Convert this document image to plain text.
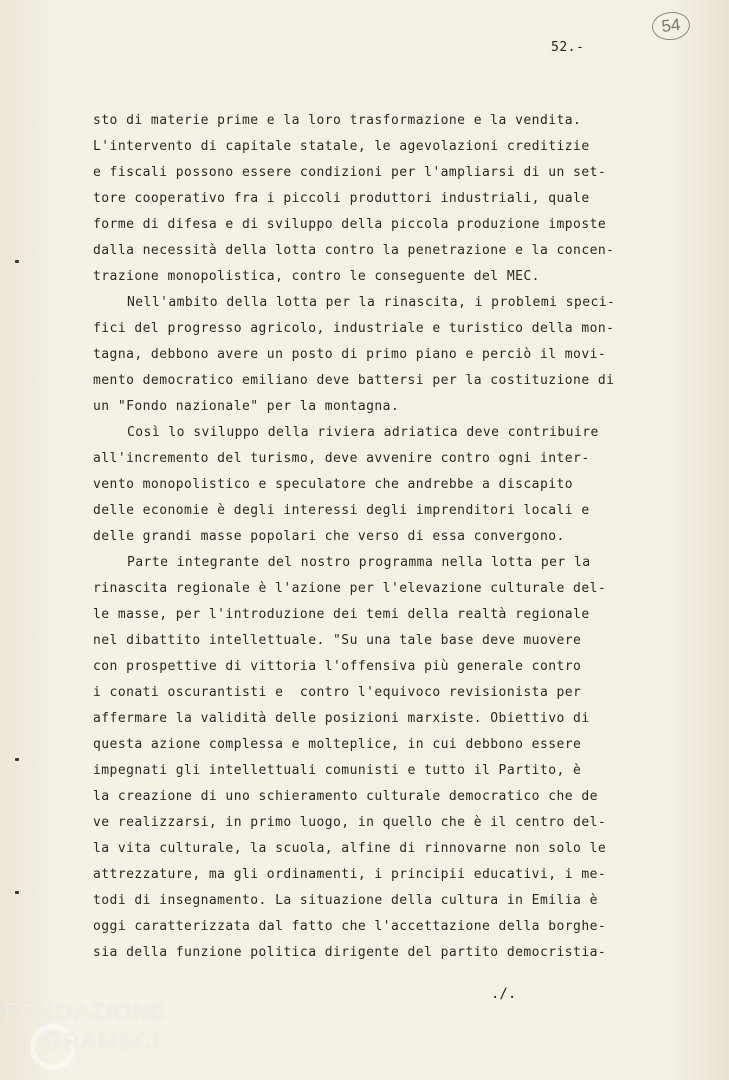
54
52.-
sto di materie prime e la loro trasformazione e la vendita.
L'intervento di capitale statale, le agevolazioni creditizie
e fiscali possono essere condizioni per l'ampliarsi di un set-
tore cooperativo fra i piccoli produttori industriali, quale
forme di difesa e di sviluppo della piccola produzione imposte
dalla necessità della lotta contro la penetrazione e la concen-
trazione monopolistica, contro le conseguente del MEC.
Nell'ambito della lotta per la rinascita, i problemi speci-
fici del progresso agricolo, industriale e turistico della mon-
tagna, debbono avere un posto di primo piano e perciò il movi-
mento democratico emiliano deve battersi per la costituzione di
un "Fondo nazionale" per la montagna.
Così lo sviluppo della riviera adriatica deve contribuire
all'incremento del turismo, deve avvenire contro ogni inter-
vento monopolistico e speculatore che andrebbe a discapito
delle economie è degli interessi degli imprenditori locali e
delle grandi masse popolari che verso di essa convergono.
Parte integrante del nostro programma nella lotta per la
rinascita regionale è l'azione per l'elevazione culturale del-
le masse, per l'introduzione dei temi della realtà regionale
nel dibattito intellettuale. "Su una tale base deve muovere
con prospettive di vittoria l'offensiva più generale contro
i conati oscurantisti e  contro l'equivoco revisionista per
affermare la validità delle posizioni marxiste. Obiettivo di
questa azione complessa e molteplice, in cui debbono essere
impegnati gli intellettuali comunisti e tutto il Partito, è
la creazione di uno schieramento culturale democratico che de
ve realizzarsi, in primo luogo, in quello che è il centro del-
la vita culturale, la scuola, alfine di rinnovarne non solo le
attrezzature, ma gli ordinamenti, i principii educativi, i me-
todi di insegnamento. La situazione della cultura in Emilia è
oggi caratterizzata dal fatto che l'accettazione della borghe-
sia della funzione politica dirigente del partito democristia-
./.
FONDAZIONE
GRAMSCI
